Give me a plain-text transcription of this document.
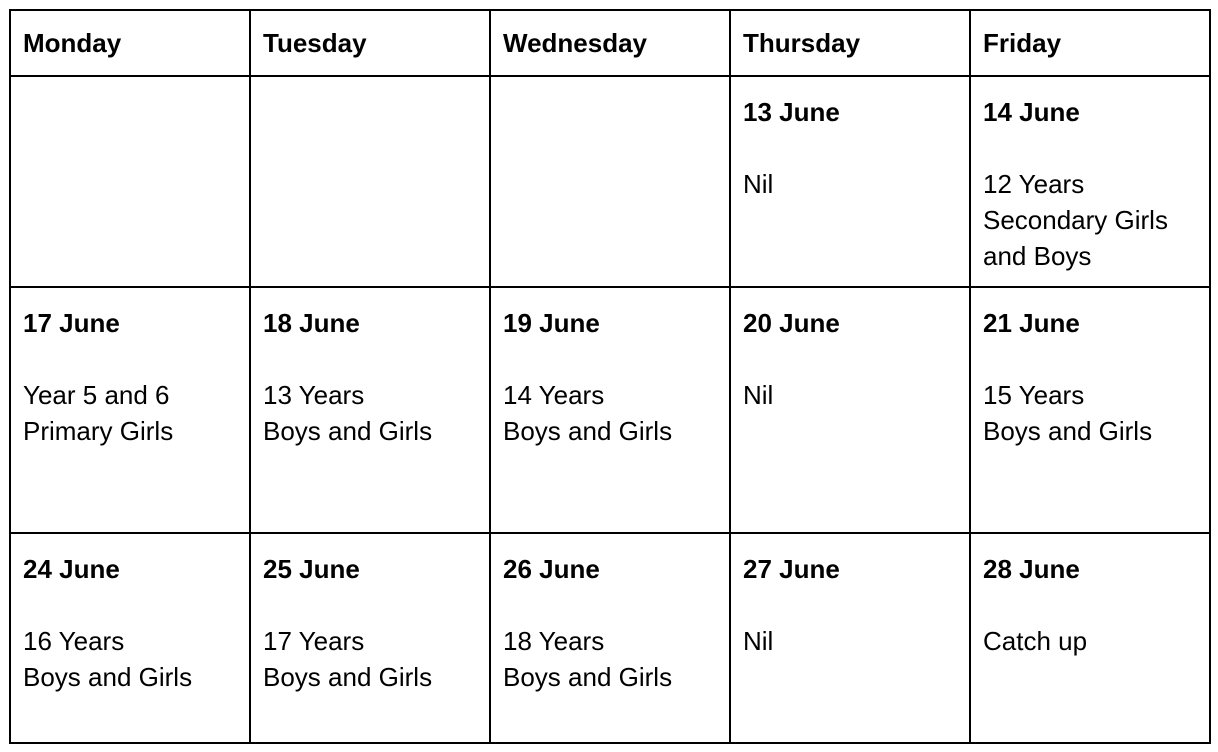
Monday	Tuesday	Wednesday	Thursday	Friday

			13 June
Nil	14 June
12 Years
Secondary Girls
and Boys

17 June
Year 5 and 6
Primary Girls	18 June
13 Years
Boys and Girls	19 June
14 Years
Boys and Girls	20 June
Nil	21 June
15 Years
Boys and Girls

24 June
16 Years
Boys and Girls	25 June
17 Years
Boys and Girls	26 June
18 Years
Boys and Girls	27 June
Nil	28 June
Catch up
